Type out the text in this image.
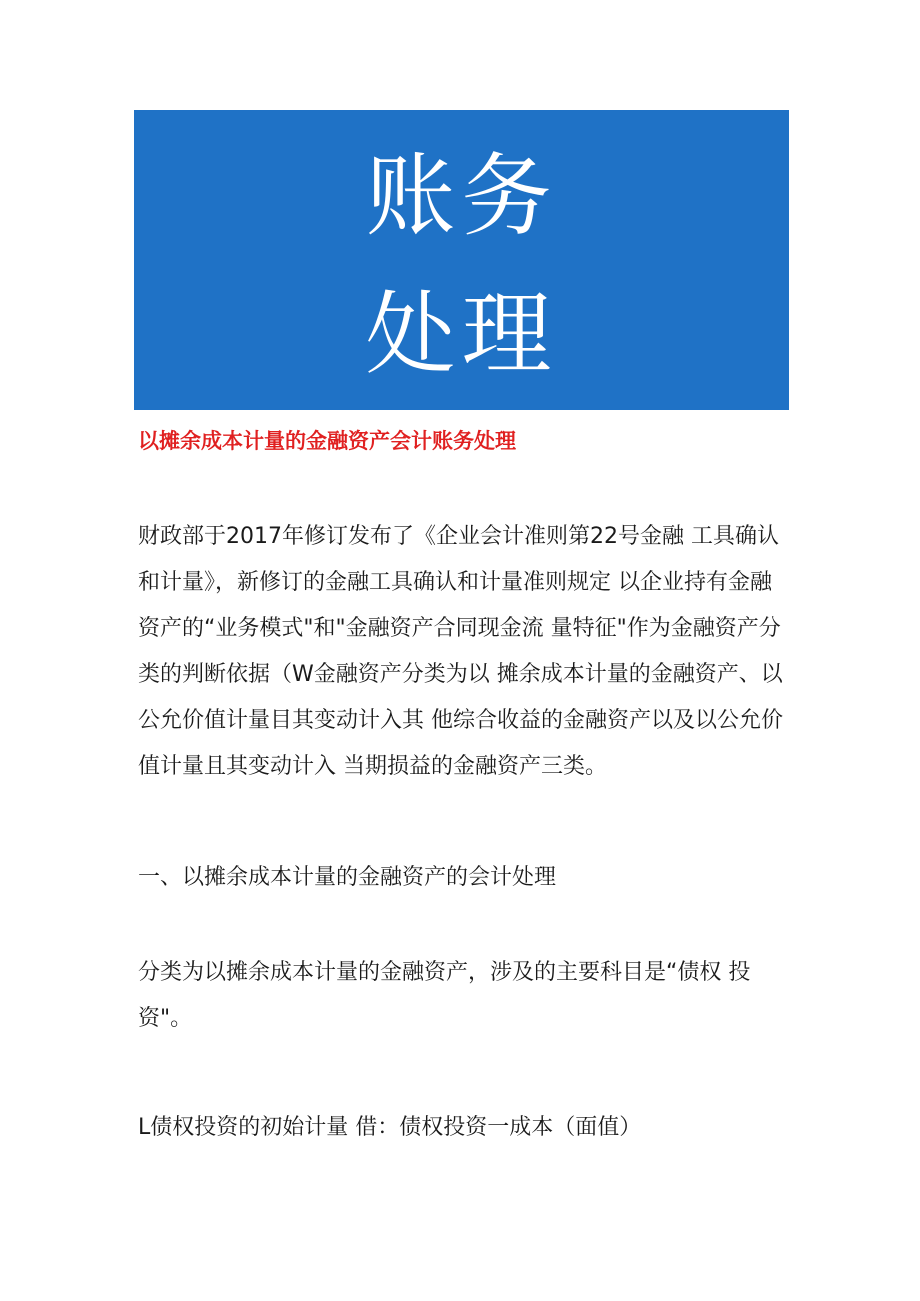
账务
处理
以摊余成本计量的金融资产会计账务处理
财政部于2017年修订发布了《企业会计准则第22号金融 工具确认和计量》，新修订的金融工具确认和计量准则规定 以企业持有金融资产的“业务模式"和"金融资产合同现金流 量特征"作为金融资产分类的判断依据（W金融资产分类为以 摊余成本计量的金融资产、以公允价值计量目其变动计入其 他综合收益的金融资产以及以公允价值计量且其变动计入 当期损益的金融资产三类。
一、以摊余成本计量的金融资产的会计处理
分类为以摊余成本计量的金融资产，涉及的主要科目是“债权 投资"。
L债权投资的初始计量 借：债权投资一成本（面值）
